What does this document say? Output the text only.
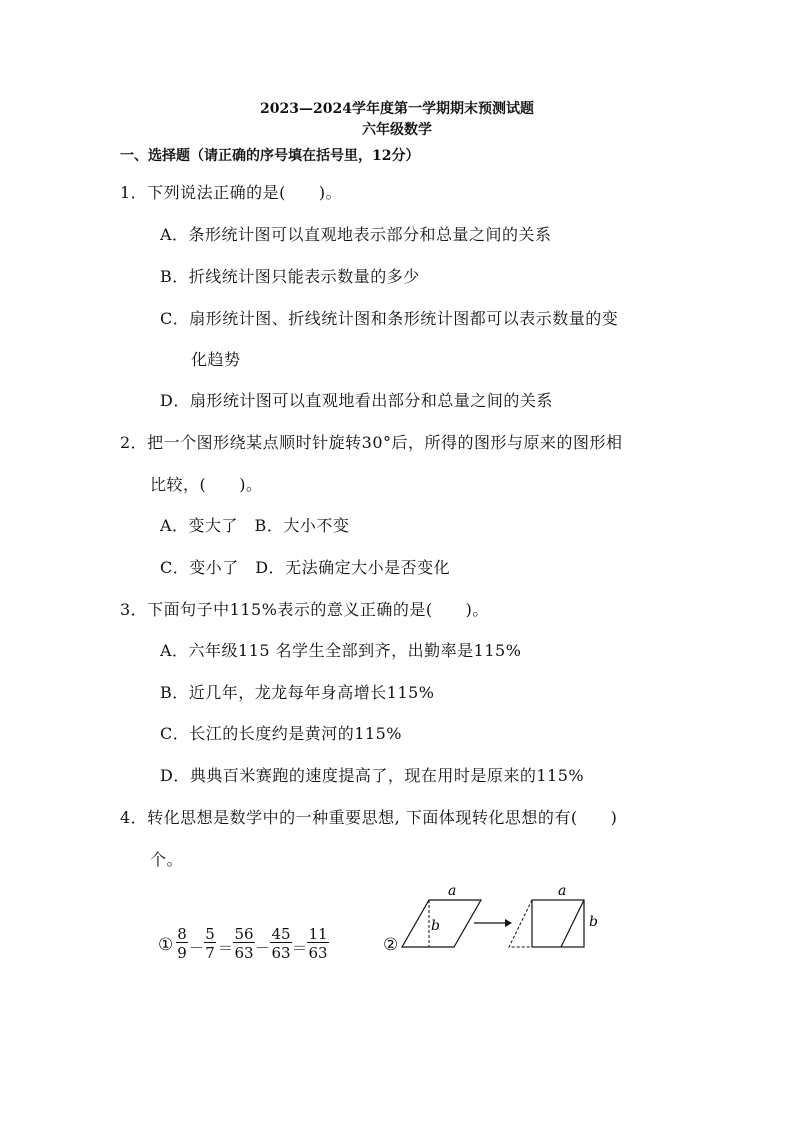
2023—2024学年度第一学期期末预测试题
六年级数学
一、选择题（请正确的序号填在括号里，12分）
1．下列说法正确的是(　　)。
A．条形统计图可以直观地表示部分和总量之间的关系
B．折线统计图只能表示数量的多少
C．扇形统计图、折线统计图和条形统计图都可以表示数量的变
化趋势
D．扇形统计图可以直观地看出部分和总量之间的关系
2．把一个图形绕某点顺时针旋转30°后，所得的图形与原来的图形相
比较，(　　)。
A．变大了　B．大小不变
C．变小了　D．无法确定大小是否变化
3．下面句子中115%表示的意义正确的是(　　)。
A．六年级115 名学生全部到齐，出勤率是115%
B．近几年，龙龙每年身高增长115%
C．长江的长度约是黄河的115%
D．典典百米赛跑的速度提高了，现在用时是原来的115%
4．转化思想是数学中的一种重要思想, 下面体现转化思想的有(　　)
个。
① $\frac{8}{9} - \frac{5}{7} = \frac{56}{63} - \frac{45}{63} = \frac{11}{63}$	②
a
b
a
b
